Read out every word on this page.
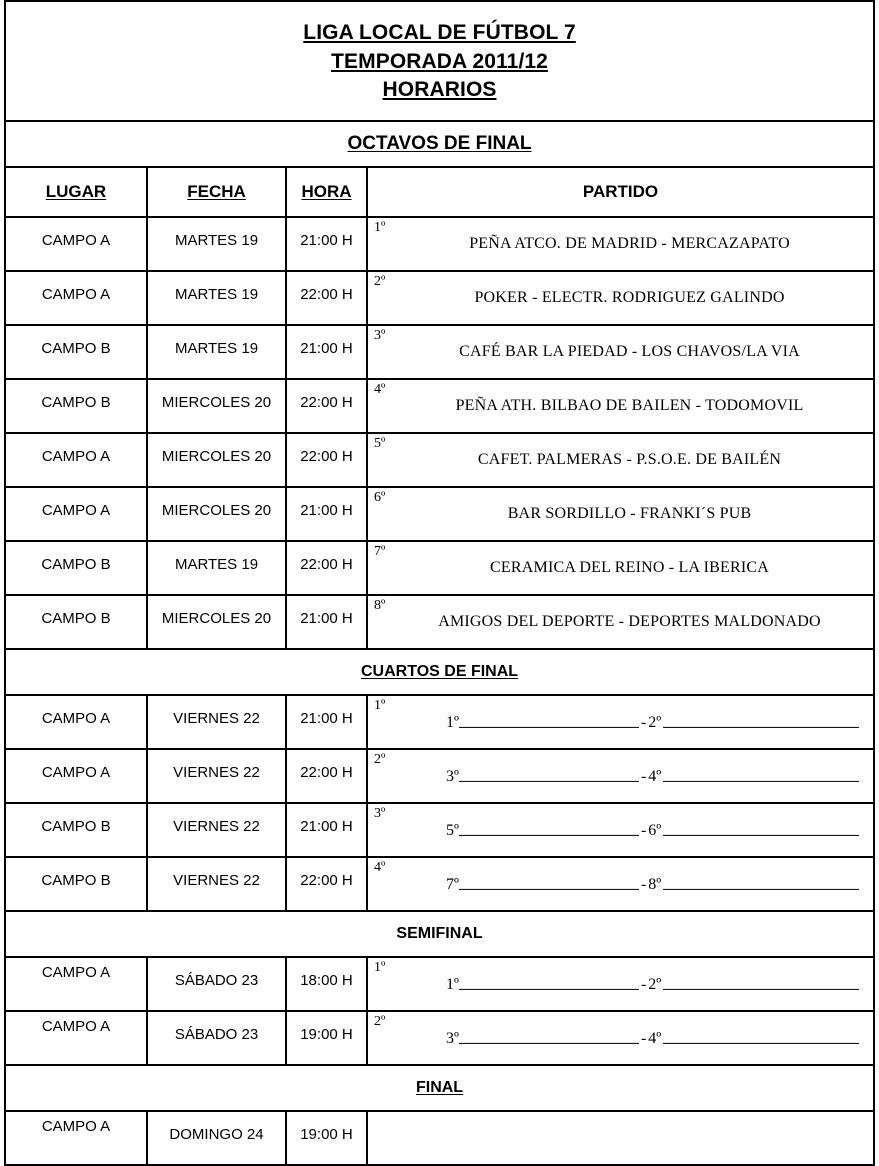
LIGA LOCAL DE FÚTBOL 7
TEMPORADA 2011/12
HORARIOS			

OCTAVOS DE FINAL			
LUGAR	FECHA	HORA	PARTIDO
CAMPO A	MARTES 19	21:00 H	1º
PEÑA ATCO. DE MADRID - MERCAZAPATO

CAMPO A	MARTES 19	22:00 H	2º
POKER - ELECTR. RODRIGUEZ GALINDO

CAMPO B	MARTES 19	21:00 H	3º
CAFÉ BAR LA PIEDAD - LOS CHAVOS/LA VIA

CAMPO B	MIERCOLES 20	22:00 H	4º
PEÑA ATH. BILBAO DE BAILEN - TODOMOVIL

CAMPO A	MIERCOLES 20	22:00 H	5º
CAFET. PALMERAS - P.S.O.E. DE BAILÉN

CAMPO A	MIERCOLES 20	21:00 H	6º
BAR SORDILLO - FRANKI´S PUB

CAMPO B	MARTES 19	22:00 H	7º
CERAMICA DEL REINO - LA IBERICA

CAMPO B	MIERCOLES 20	21:00 H	8º
AMIGOS DEL DEPORTE - DEPORTES MALDONADO

CUARTOS DE FINAL			
CAMPO A	VIERNES 22	21:00 H	1º
1º - 2º

CAMPO A	VIERNES 22	22:00 H	2º
3º - 4º

CAMPO B	VIERNES 22	21:00 H	3º
5º - 6º

CAMPO B	VIERNES 22	22:00 H	4º
7º - 8º

SEMIFINAL			
CAMPO A	SÁBADO 23	18:00 H	1º
1º - 2º

CAMPO A	SÁBADO 23	19:00 H	2º
3º - 4º

FINAL			
CAMPO A	DOMINGO 24	19:00 H	
